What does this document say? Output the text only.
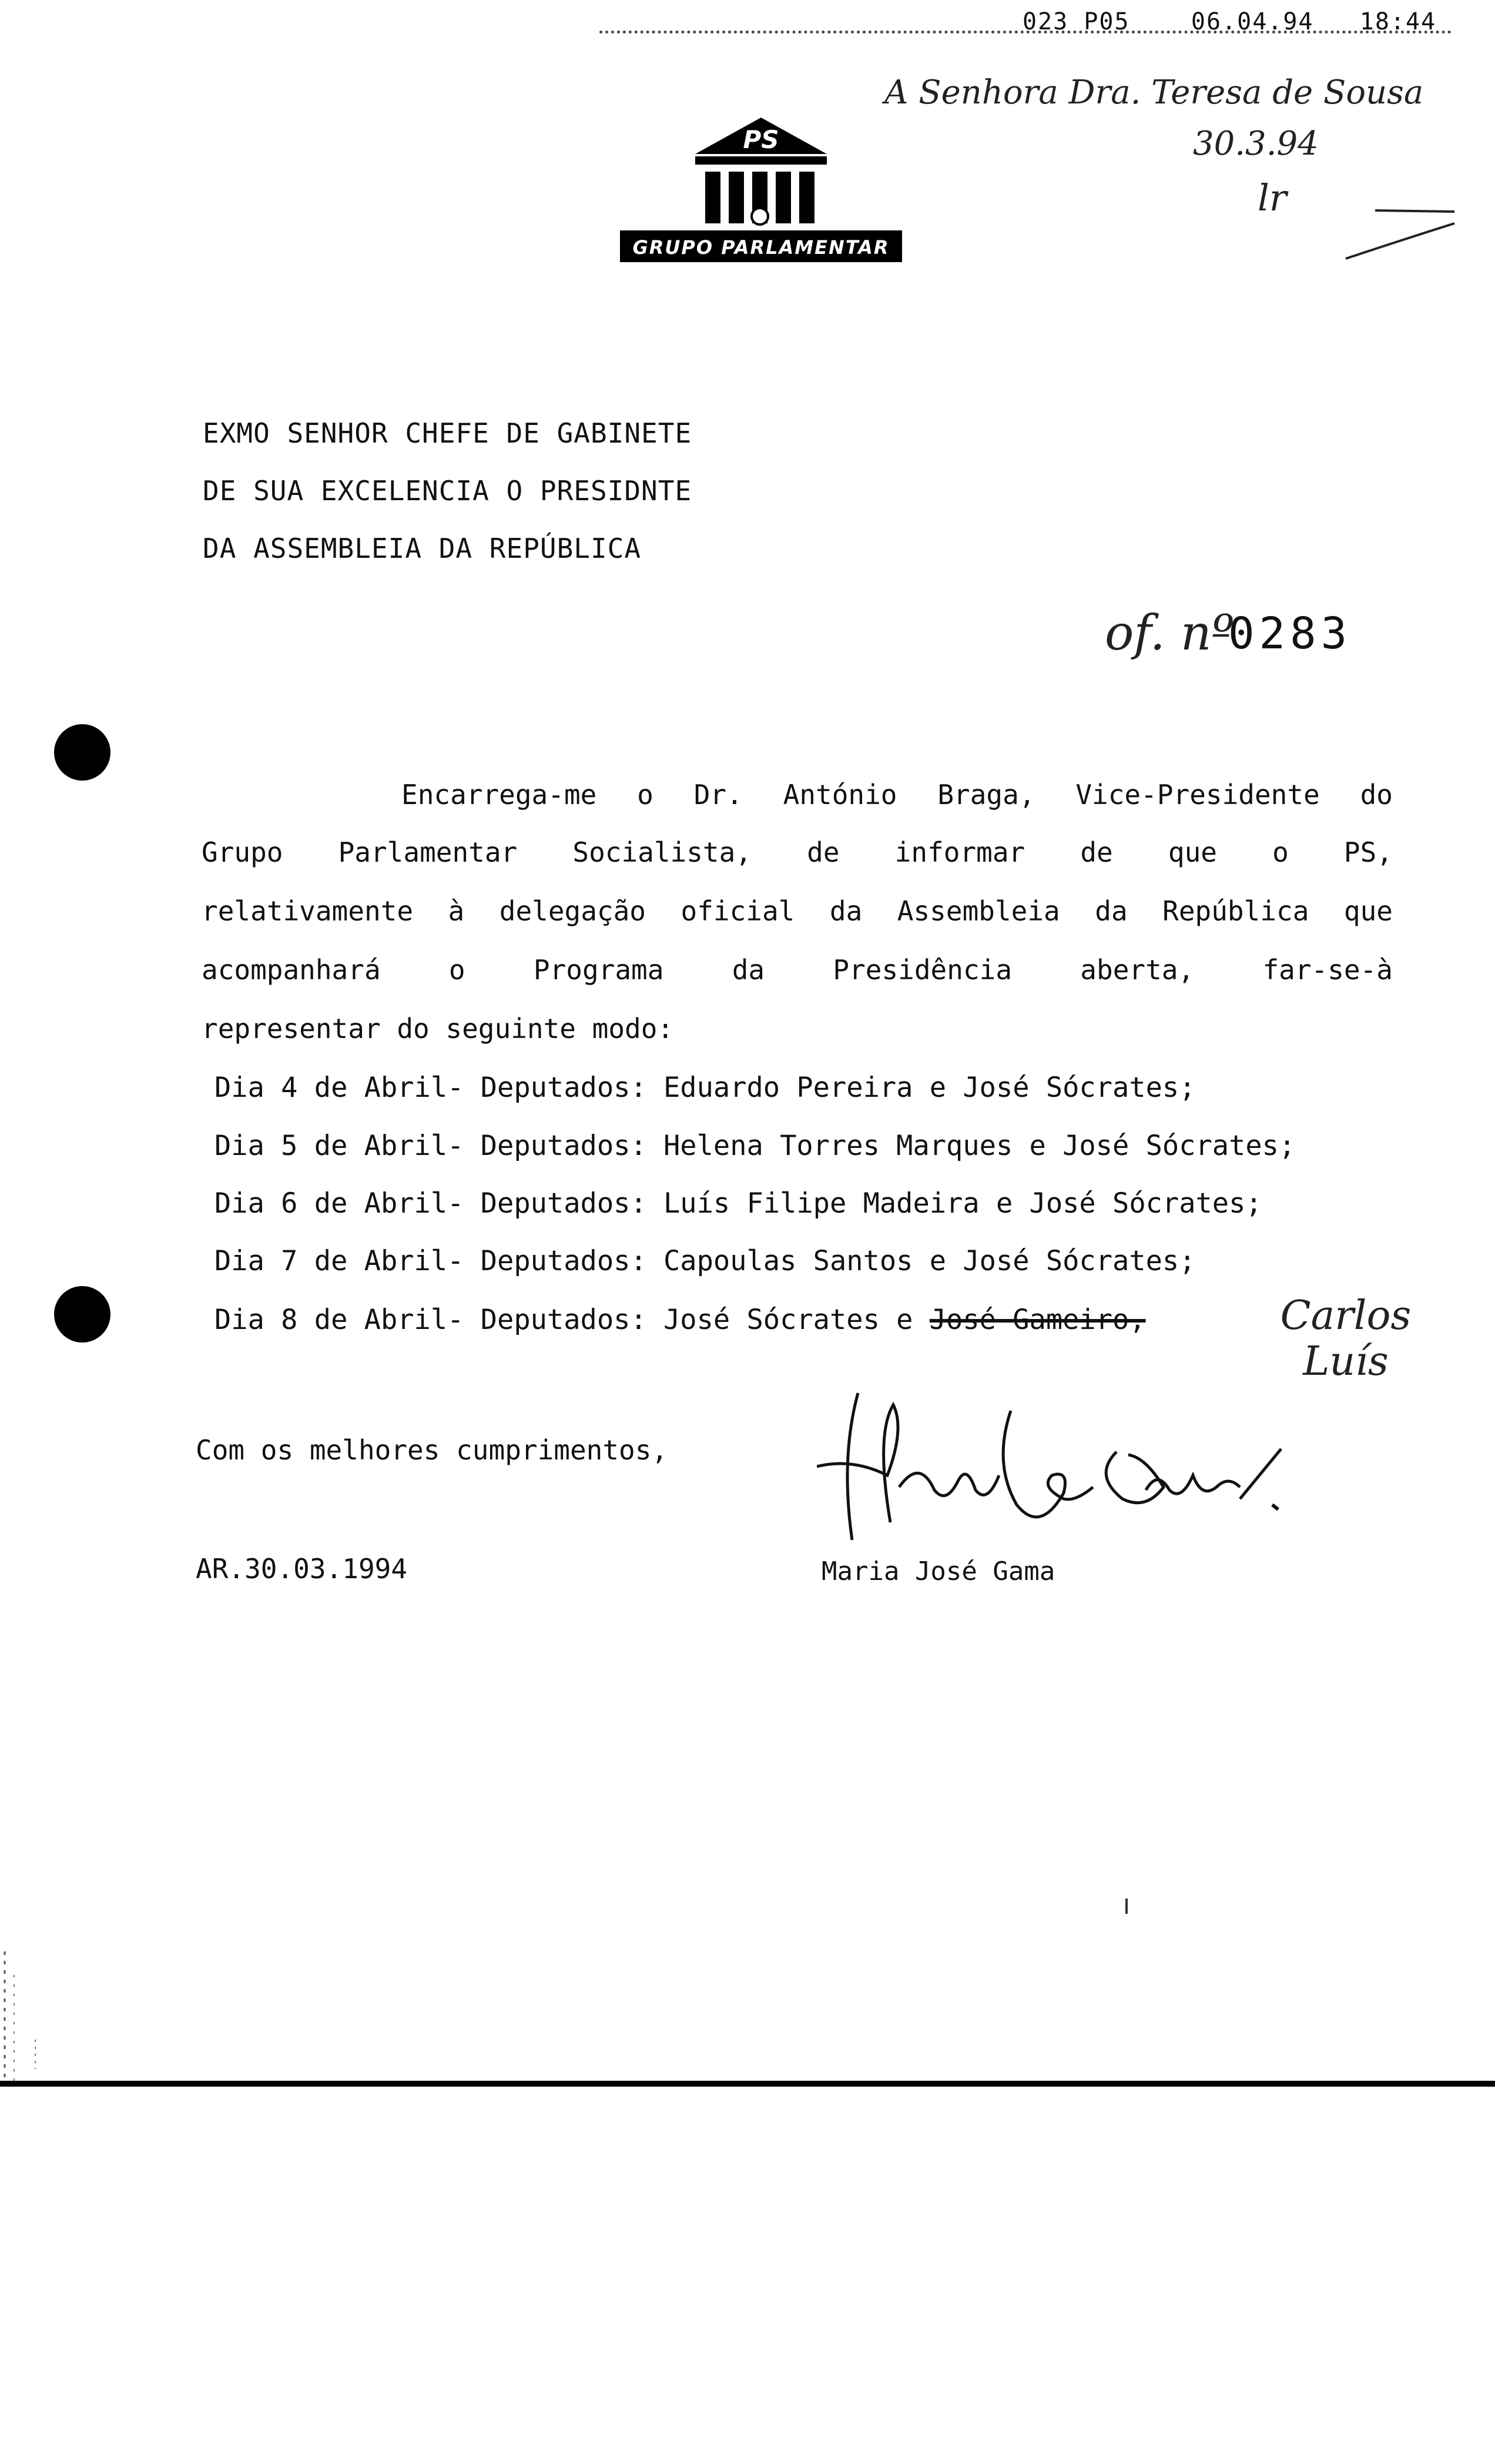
023 P05    06.04.94   18:44
A Senhora Dra. Teresa de Sousa
30.3.94
lr
PS
GRUPO PARLAMENTAR
EXMO SENHOR CHEFE DE GABINETE
DE SUA EXCELENCIA O PRESIDNTE
DA ASSEMBLEIA DA REPÚBLICA
of. nº
0283
Encarrega-me o Dr. António Braga, Vice-Presidente do
Grupo Parlamentar Socialista, de informar de que o PS,
relativamente à delegação oficial da Assembleia da República que
acompanhará o Programa da Presidência aberta, far-se-à
representar do seguinte modo:
Dia 4 de Abril- Deputados: Eduardo Pereira e José Sócrates;
Dia 5 de Abril- Deputados: Helena Torres Marques e José Sócrates;
Dia 6 de Abril- Deputados: Luís Filipe Madeira e José Sócrates;
Dia 7 de Abril- Deputados: Capoulas Santos e José Sócrates;
Dia 8 de Abril- Deputados: José Sócrates e José Gameiro,	Carlos Luís
Com os melhores cumprimentos,
AR.30.03.1994	Maria José Gama
